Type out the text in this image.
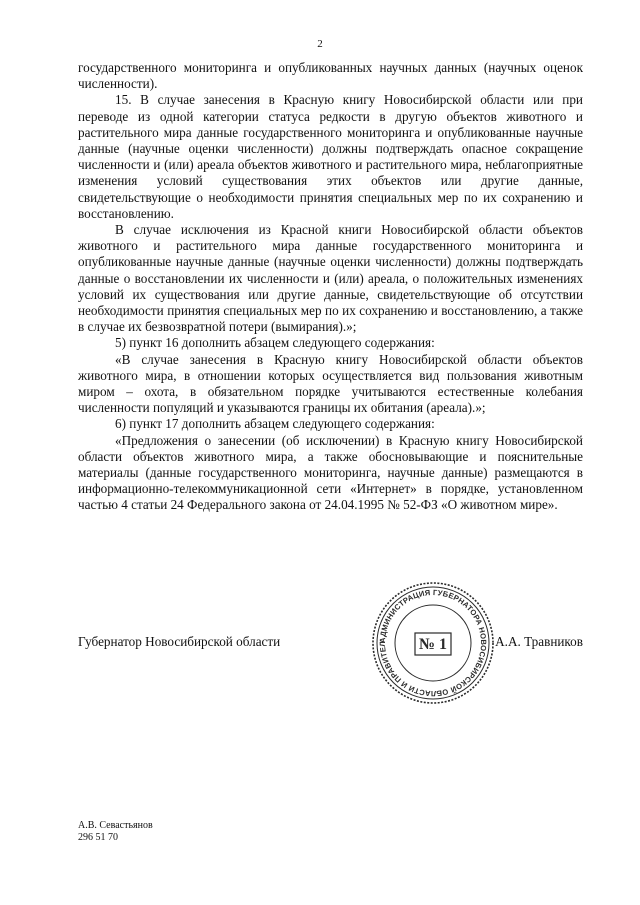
2

государственного мониторинга и опубликованных научных данных (научных оценок численности).

15. В случае занесения в Красную книгу Новосибирской области или при переводе из одной категории статуса редкости в другую объектов животного и растительного мира данные государственного мониторинга и опубликованные научные данные (научные оценки численности) должны подтверждать опасное сокращение численности и (или) ареала объектов животного и растительного мира, неблагоприятные изменения условий существования этих объектов или другие данные, свидетельствующие о необходимости принятия специальных мер по их сохранению и восстановлению.

В случае исключения из Красной книги Новосибирской области объектов животного и растительного мира данные государственного мониторинга и опубликованные научные данные (научные оценки численности) должны подтверждать данные о восстановлении их численности и (или) ареала, о положительных изменениях условий их существования или другие данные, свидетельствующие об отсутствии необходимости принятия специальных мер по их сохранению и восстановлению, а также в случае их безвозвратной потери (вымирания).»;

5) пункт 16 дополнить абзацем следующего содержания:

«В случае занесения в Красную книгу Новосибирской области объектов животного мира, в отношении которых осуществляется вид пользования животным миром – охота, в обязательном порядке учитываются естественные колебания численности популяций и указываются границы их обитания (ареала).»;

6) пункт 17 дополнить абзацем следующего содержания:

«Предложения о занесении (об исключении) в Красную книгу Новосибирской области объектов животного мира, а также обосновывающие и пояснительные материалы (данные государственного мониторинга, научные данные) размещаются в информационно-телекоммуникационной сети «Интернет» в порядке, установленном частью 4 статьи 24 Федерального закона от 24.04.1995 № 52-ФЗ «О животном мире».

АДМИНИСТРАЦИЯ ГУБЕРНАТОРА НОВОСИБИРСКОЙ ОБЛАСТИ И ПРАВИТЕЛ	№ 1
Губернатор Новосибирской области	А.А. Травников
А.В. Севастьянов
296 51 70
